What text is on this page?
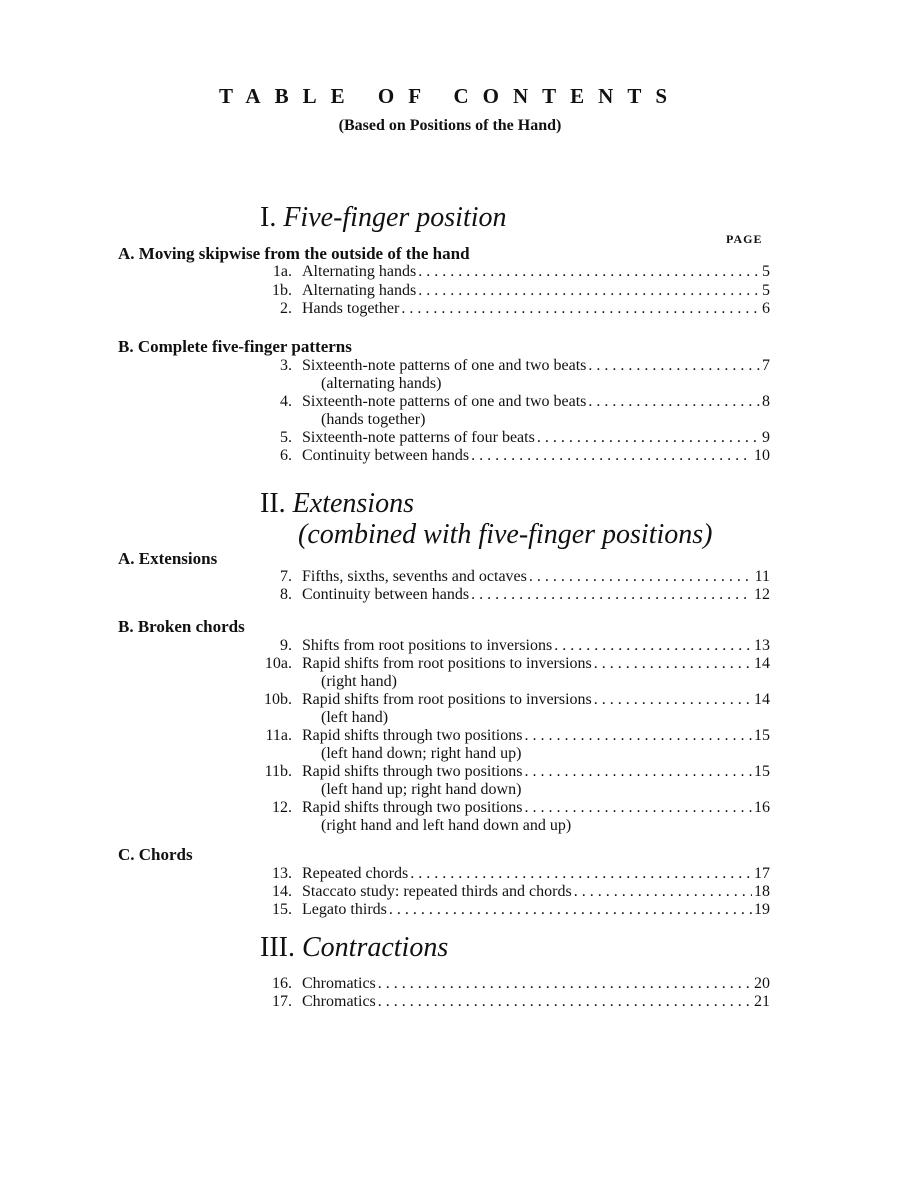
TABLE OF CONTENTS
(Based on Positions of the Hand)
I. Five-finger position
PAGE
A. Moving skipwise from the outside of the hand
1a. Alternating hands . . .	5
1b. Alternating hands . . .	5
2. Hands together . . .	6
B. Complete five-finger patterns
3. Sixteenth-note patterns of one and two beats . . .	7
(alternating hands)
4. Sixteenth-note patterns of one and two beats . . .	8
(hands together)
5. Sixteenth-note patterns of four beats . . .	9
6. Continuity between hands . . .	10
II. Extensions
(combined with five-finger positions)
A. Extensions
7. Fifths, sixths, sevenths and octaves . . .	11
8. Continuity between hands . . .	12
B. Broken chords
9. Shifts from root positions to inversions . . .	13
10a. Rapid shifts from root positions to inversions . . .	14
(right hand)
10b. Rapid shifts from root positions to inversions . . .	14
(left hand)
11a. Rapid shifts through two positions . . .	15
(left hand down; right hand up)
11b. Rapid shifts through two positions . . .	15
(left hand up; right hand down)
12. Rapid shifts through two positions . . .	16
(right hand and left hand down and up)
C. Chords
13. Repeated chords . . .	17
14. Staccato study: repeated thirds and chords . . .	18
15. Legato thirds . . .	19
III. Contractions
16. Chromatics . . .	20
17. Chromatics . . .	21
